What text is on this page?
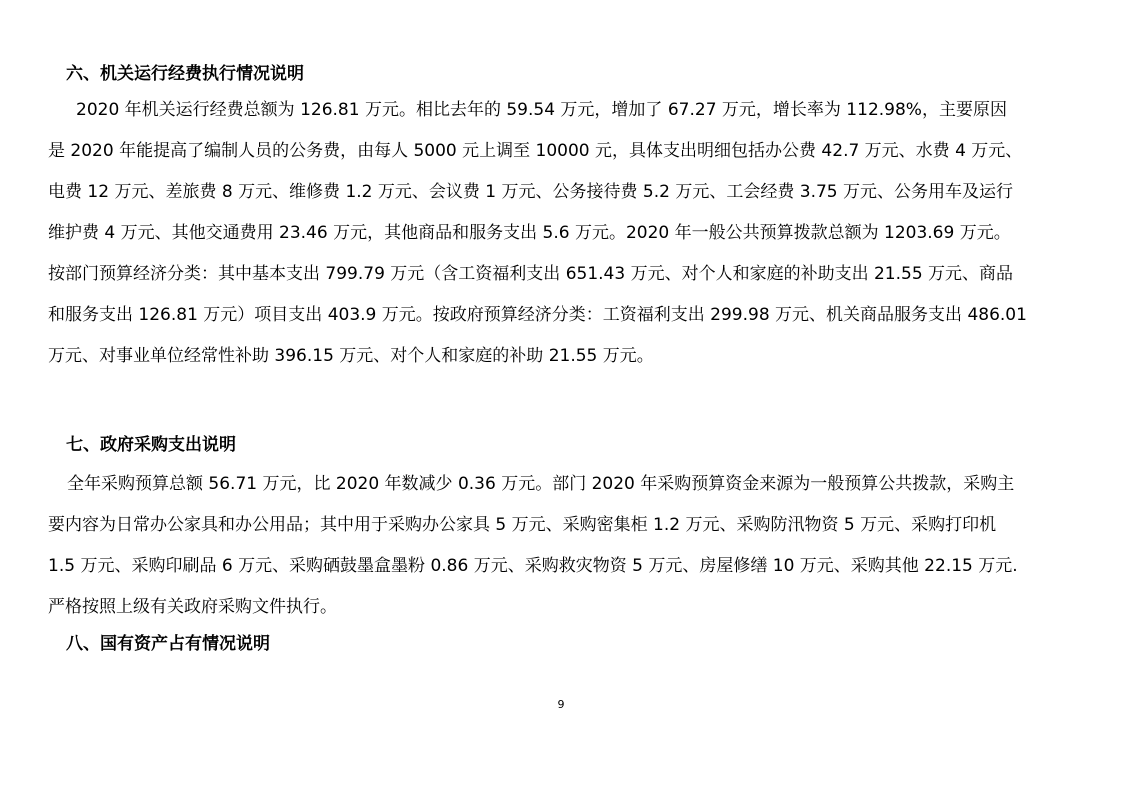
六、机关运行经费执行情况说明
2020 年机关运行经费总额为 126.81 万元。相比去年的 59.54 万元，增加了 67.27 万元，增长率为 112.98%，主要原因
是 2020 年能提高了编制人员的公务费，由每人 5000 元上调至 10000 元，具体支出明细包括办公费 42.7 万元、水费 4 万元、
电费 12 万元、差旅费 8 万元、维修费 1.2 万元、会议费 1 万元、公务接待费 5.2 万元、工会经费 3.75 万元、公务用车及运行
维护费 4 万元、其他交通费用 23.46 万元，其他商品和服务支出 5.6 万元。2020 年一般公共预算拨款总额为 1203.69 万元。
按部门预算经济分类：其中基本支出 799.79 万元（含工资福利支出 651.43 万元、对个人和家庭的补助支出 21.55 万元、商品
和服务支出 126.81 万元）项目支出 403.9 万元。按政府预算经济分类：工资福利支出 299.98 万元、机关商品服务支出 486.01
万元、对事业单位经常性补助 396.15 万元、对个人和家庭的补助 21.55 万元。
七、政府采购支出说明
全年采购预算总额 56.71 万元，比 2020 年数减少 0.36 万元。部门 2020 年采购预算资金来源为一般预算公共拨款，采购主
要内容为日常办公家具和办公用品；其中用于采购办公家具 5 万元、采购密集柜 1.2 万元、采购防汛物资 5 万元、采购打印机
1.5 万元、采购印刷品 6 万元、采购硒鼓墨盒墨粉 0.86 万元、采购救灾物资 5 万元、房屋修缮 10 万元、采购其他 22.15 万元.
严格按照上级有关政府采购文件执行。
八、国有资产占有情况说明
9
